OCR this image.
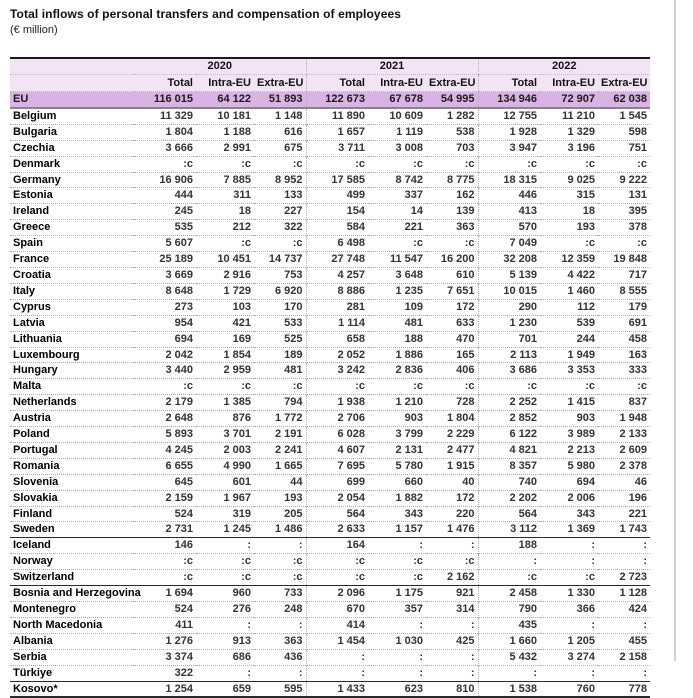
Total inflows of personal transfers and compensation of employees
(€ million)
	2020			2021			2022		
	Total	Intra-EU	Extra-EU	Total	Intra-EU	Extra-EU	Total	Intra-EU	Extra-EU
EU	116 015	64 122	51 893	122 673	67 678	54 995	134 946	72 907	62 038
Belgium	11 329	10 181	1 148	11 890	10 609	1 282	12 755	11 210	1 545
Bulgaria	1 804	1 188	616	1 657	1 119	538	1 928	1 329	598
Czechia	3 666	2 991	675	3 711	3 008	703	3 947	3 196	751
Denmark	:c	:c	:c	:c	:c	:c	:c	:c	:c
Germany	16 906	7 885	8 952	17 585	8 742	8 775	18 315	9 025	9 222
Estonia	444	311	133	499	337	162	446	315	131
Ireland	245	18	227	154	14	139	413	18	395
Greece	535	212	322	584	221	363	570	193	378
Spain	5 607	:c	:c	6 498	:c	:c	7 049	:c	:c
France	25 189	10 451	14 737	27 748	11 547	16 200	32 208	12 359	19 848
Croatia	3 669	2 916	753	4 257	3 648	610	5 139	4 422	717
Italy	8 648	1 729	6 920	8 886	1 235	7 651	10 015	1 460	8 555
Cyprus	273	103	170	281	109	172	290	112	179
Latvia	954	421	533	1 114	481	633	1 230	539	691
Lithuania	694	169	525	658	188	470	701	244	458
Luxembourg	2 042	1 854	189	2 052	1 886	165	2 113	1 949	163
Hungary	3 440	2 959	481	3 242	2 836	406	3 686	3 353	333
Malta	:c	:c	:c	:c	:c	:c	:c	:c	:c
Netherlands	2 179	1 385	794	1 938	1 210	728	2 252	1 415	837
Austria	2 648	876	1 772	2 706	903	1 804	2 852	903	1 948
Poland	5 893	3 701	2 191	6 028	3 799	2 229	6 122	3 989	2 133
Portugal	4 245	2 003	2 241	4 607	2 131	2 477	4 821	2 213	2 609
Romania	6 655	4 990	1 665	7 695	5 780	1 915	8 357	5 980	2 378
Slovenia	645	601	44	699	660	40	740	694	46
Slovakia	2 159	1 967	193	2 054	1 882	172	2 202	2 006	196
Finland	524	319	205	564	343	220	564	343	221
Sweden	2 731	1 245	1 486	2 633	1 157	1 476	3 112	1 369	1 743
Iceland	146	:	:	164	:	:	188	:	:
Norway	:c	:c	:c	:c	:c	:c	:	:	:
Switzerland	:c	:c	:c	:c	:c	2 162	:c	:c	2 723
Bosnia and Herzegovina	1 694	960	733	2 096	1 175	921	2 458	1 330	1 128
Montenegro	524	276	248	670	357	314	790	366	424
North Macedonia	411	:	:	414	:	:	435	:	:
Albania	1 276	913	363	1 454	1 030	425	1 660	1 205	455
Serbia	3 374	686	436	:	:	:	5 432	3 274	2 158
Türkiye	322	:	:	:	:	:	:	:	:
Kosovo*	1 254	659	595	1 433	623	810	1 538	760	778
